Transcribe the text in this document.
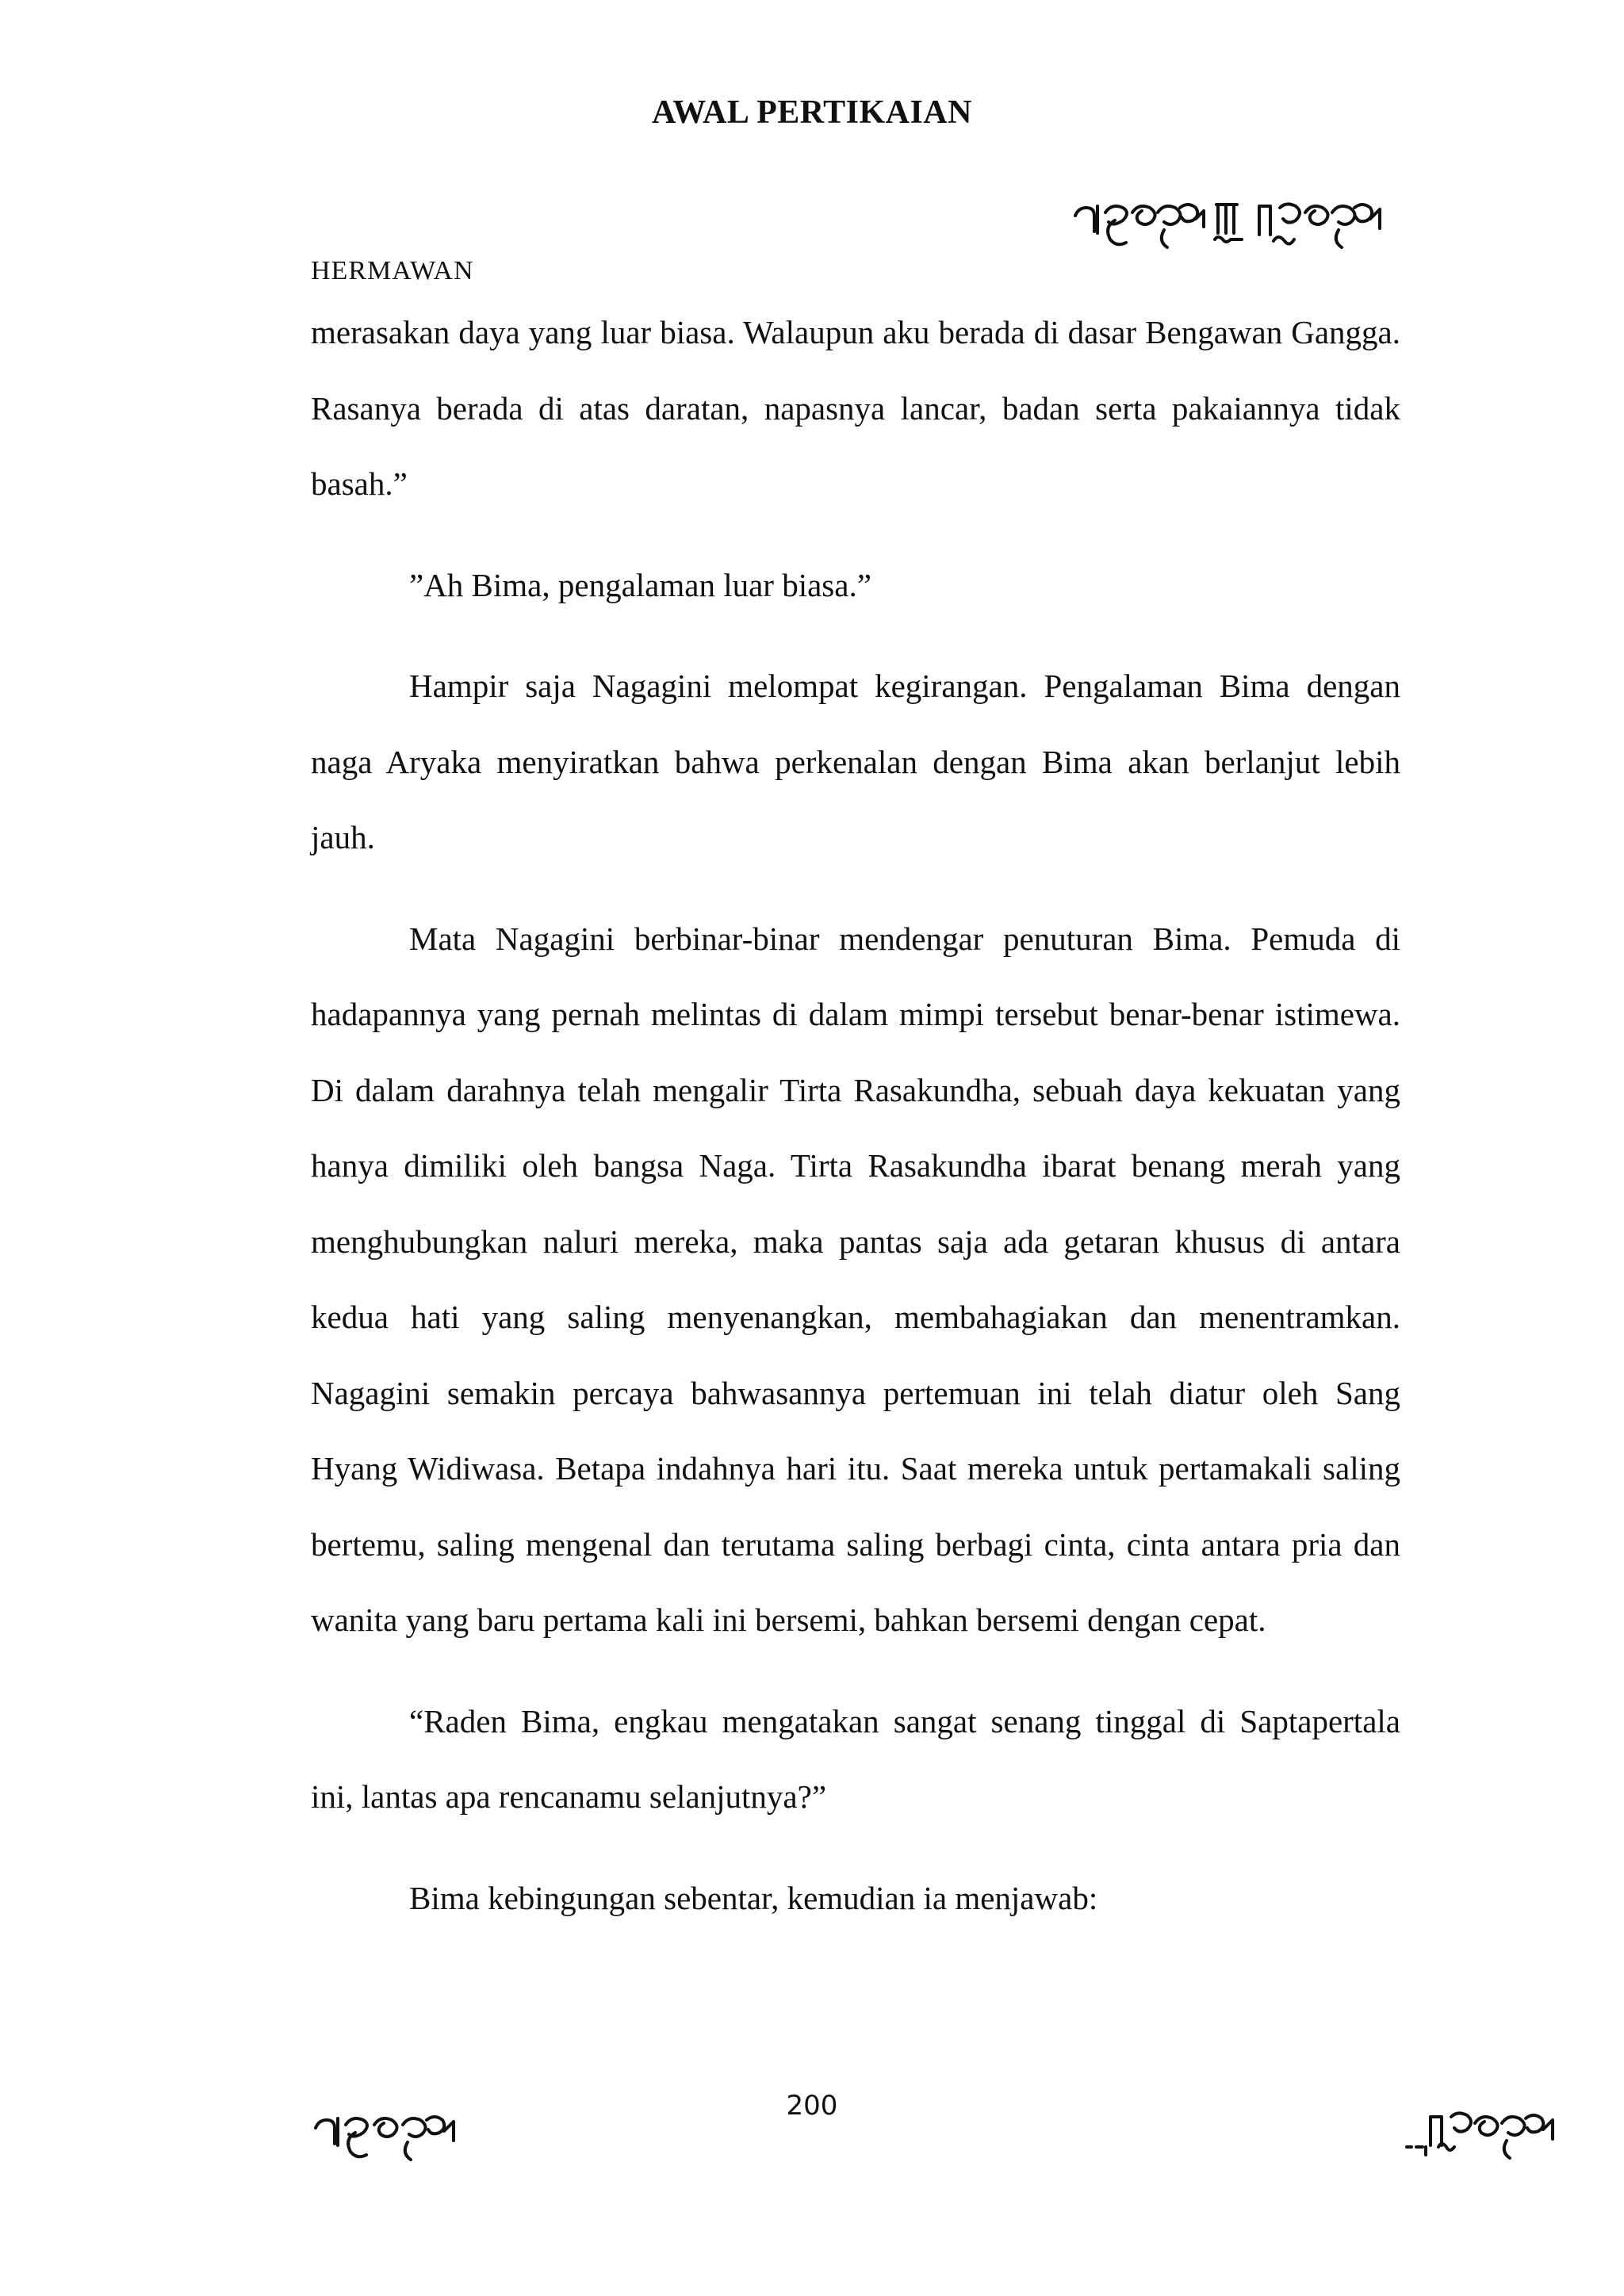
AWAL PERTIKAIAN
HERMAWAN

merasakan daya yang luar biasa. Walaupun aku berada di dasar Bengawan Gangga. Rasanya berada di atas daratan, napasnya lancar, badan serta pakaiannya tidak basah.”

”Ah Bima, pengalaman luar biasa.”

Hampir saja Nagagini melompat kegirangan. Pengalaman Bima dengan naga Aryaka menyiratkan bahwa perkenalan dengan Bima akan berlanjut lebih jauh.

Mata Nagagini berbinar-binar mendengar penuturan Bima. Pemuda di hadapannya yang pernah melintas di dalam mimpi tersebut benar-benar istimewa. Di dalam darahnya telah mengalir Tirta Rasakundha, sebuah daya kekuatan yang hanya dimiliki oleh bangsa Naga. Tirta Rasakundha ibarat benang merah yang menghubungkan naluri mereka, maka pantas saja ada getaran khusus di antara kedua hati yang saling menyenangkan, membahagiakan dan menentramkan. Nagagini semakin percaya bahwasannya pertemuan ini telah diatur oleh Sang Hyang Widiwasa. Betapa indahnya hari itu. Saat mereka untuk pertamakali saling bertemu, saling mengenal dan terutama saling berbagi cinta, cinta antara pria dan wanita yang baru pertama kali ini bersemi, bahkan bersemi dengan cepat.

“Raden Bima, engkau mengatakan sangat senang tinggal di Saptapertala ini, lantas apa rencanamu selanjutnya?”

Bima kebingungan sebentar, kemudian ia menjawab:

200
